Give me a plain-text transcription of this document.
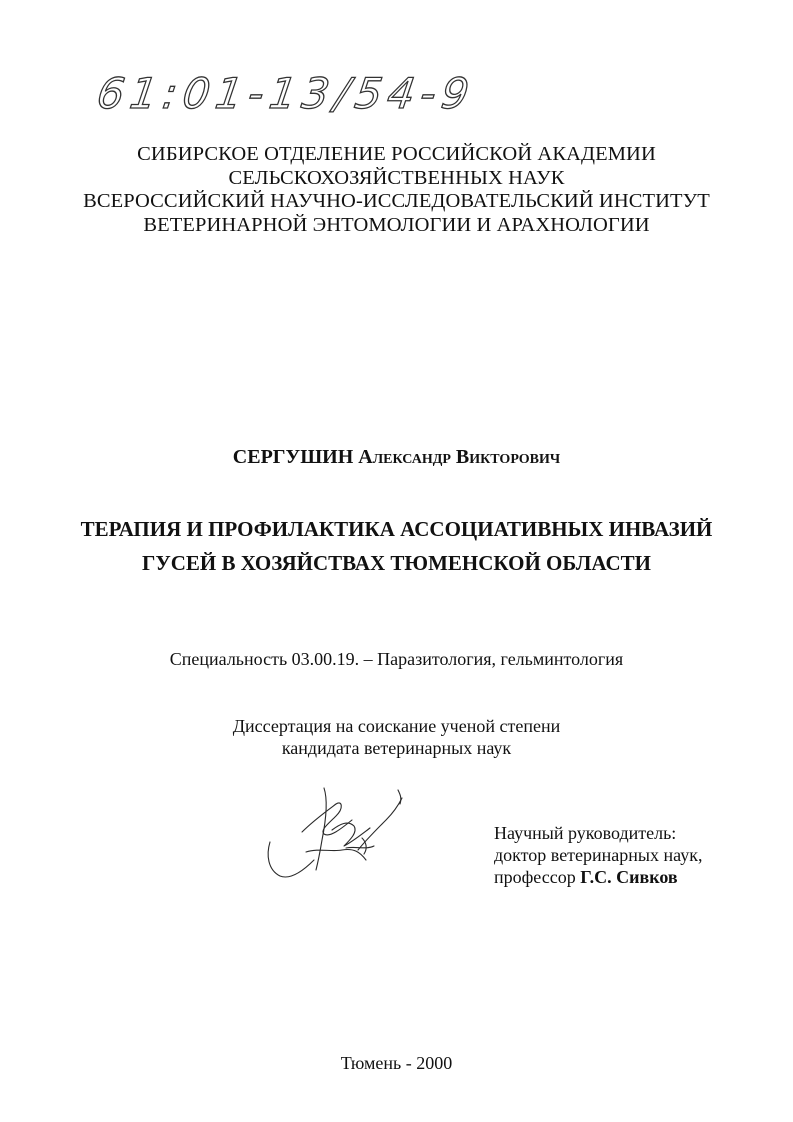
61:01-13/54-9
СИБИРСКОЕ ОТДЕЛЕНИЕ РОССИЙСКОЙ АКАДЕМИИ
СЕЛЬСКОХОЗЯЙСТВЕННЫХ НАУК
ВСЕРОССИЙСКИЙ НАУЧНО-ИССЛЕДОВАТЕЛЬСКИЙ ИНСТИТУТ
ВЕТЕРИНАРНОЙ ЭНТОМОЛОГИИ И АРАХНОЛОГИИ
СЕРГУШИН Александр Викторович
ТЕРАПИЯ И ПРОФИЛАКТИКА АССОЦИАТИВНЫХ ИНВАЗИЙ
ГУСЕЙ В ХОЗЯЙСТВАХ ТЮМЕНСКОЙ ОБЛАСТИ
Специальность 03.00.19. – Паразитология, гельминтология
Диссертация на соискание ученой степени
кандидата ветеринарных наук
Научный руководитель:
доктор ветеринарных наук,
профессор Г.С. Сивков
Тюмень - 2000
